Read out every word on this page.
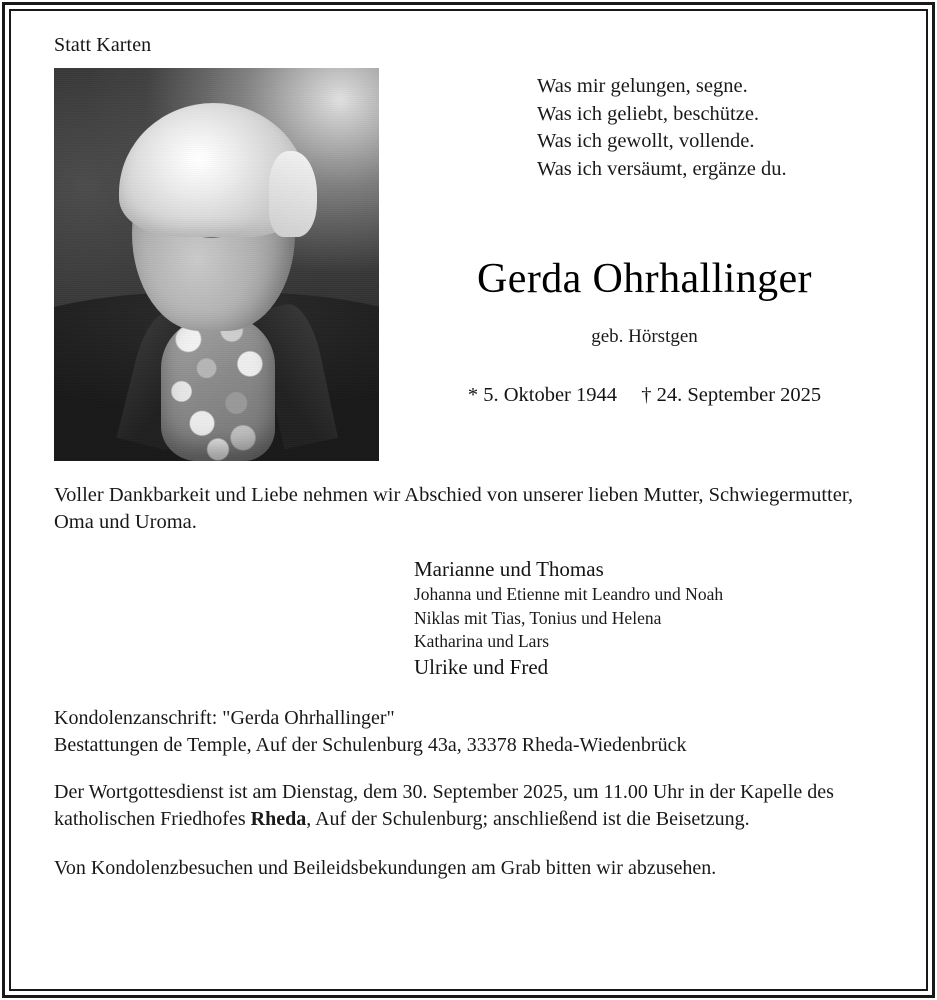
Statt Karten
Was mir gelungen, segne.
Was ich geliebt, beschütze.
Was ich gewollt, vollende.
Was ich versäumt, ergänze du.
Gerda Ohrhallinger
geb. Hörstgen
* 5. Oktober 1944 † 24. September 2025
Voller Dankbarkeit und Liebe nehmen wir Abschied von unserer lieben Mutter, Schwiegermutter, Oma und Uroma.
Marianne und Thomas
Johanna und Etienne mit Leandro und Noah
Niklas mit Tias, Tonius und Helena
Katharina und Lars
Ulrike und Fred
Kondolenzanschrift: "Gerda Ohrhallinger"
Bestattungen de Temple, Auf der Schulenburg 43a, 33378 Rheda-Wiedenbrück
Der Wortgottesdienst ist am Dienstag, dem 30. September 2025, um 11.00 Uhr in der Kapelle des katholischen Friedhofes Rheda, Auf der Schulenburg; anschließend ist die Beisetzung.
Von Kondolenzbesuchen und Beileidsbekundungen am Grab bitten wir abzusehen.
